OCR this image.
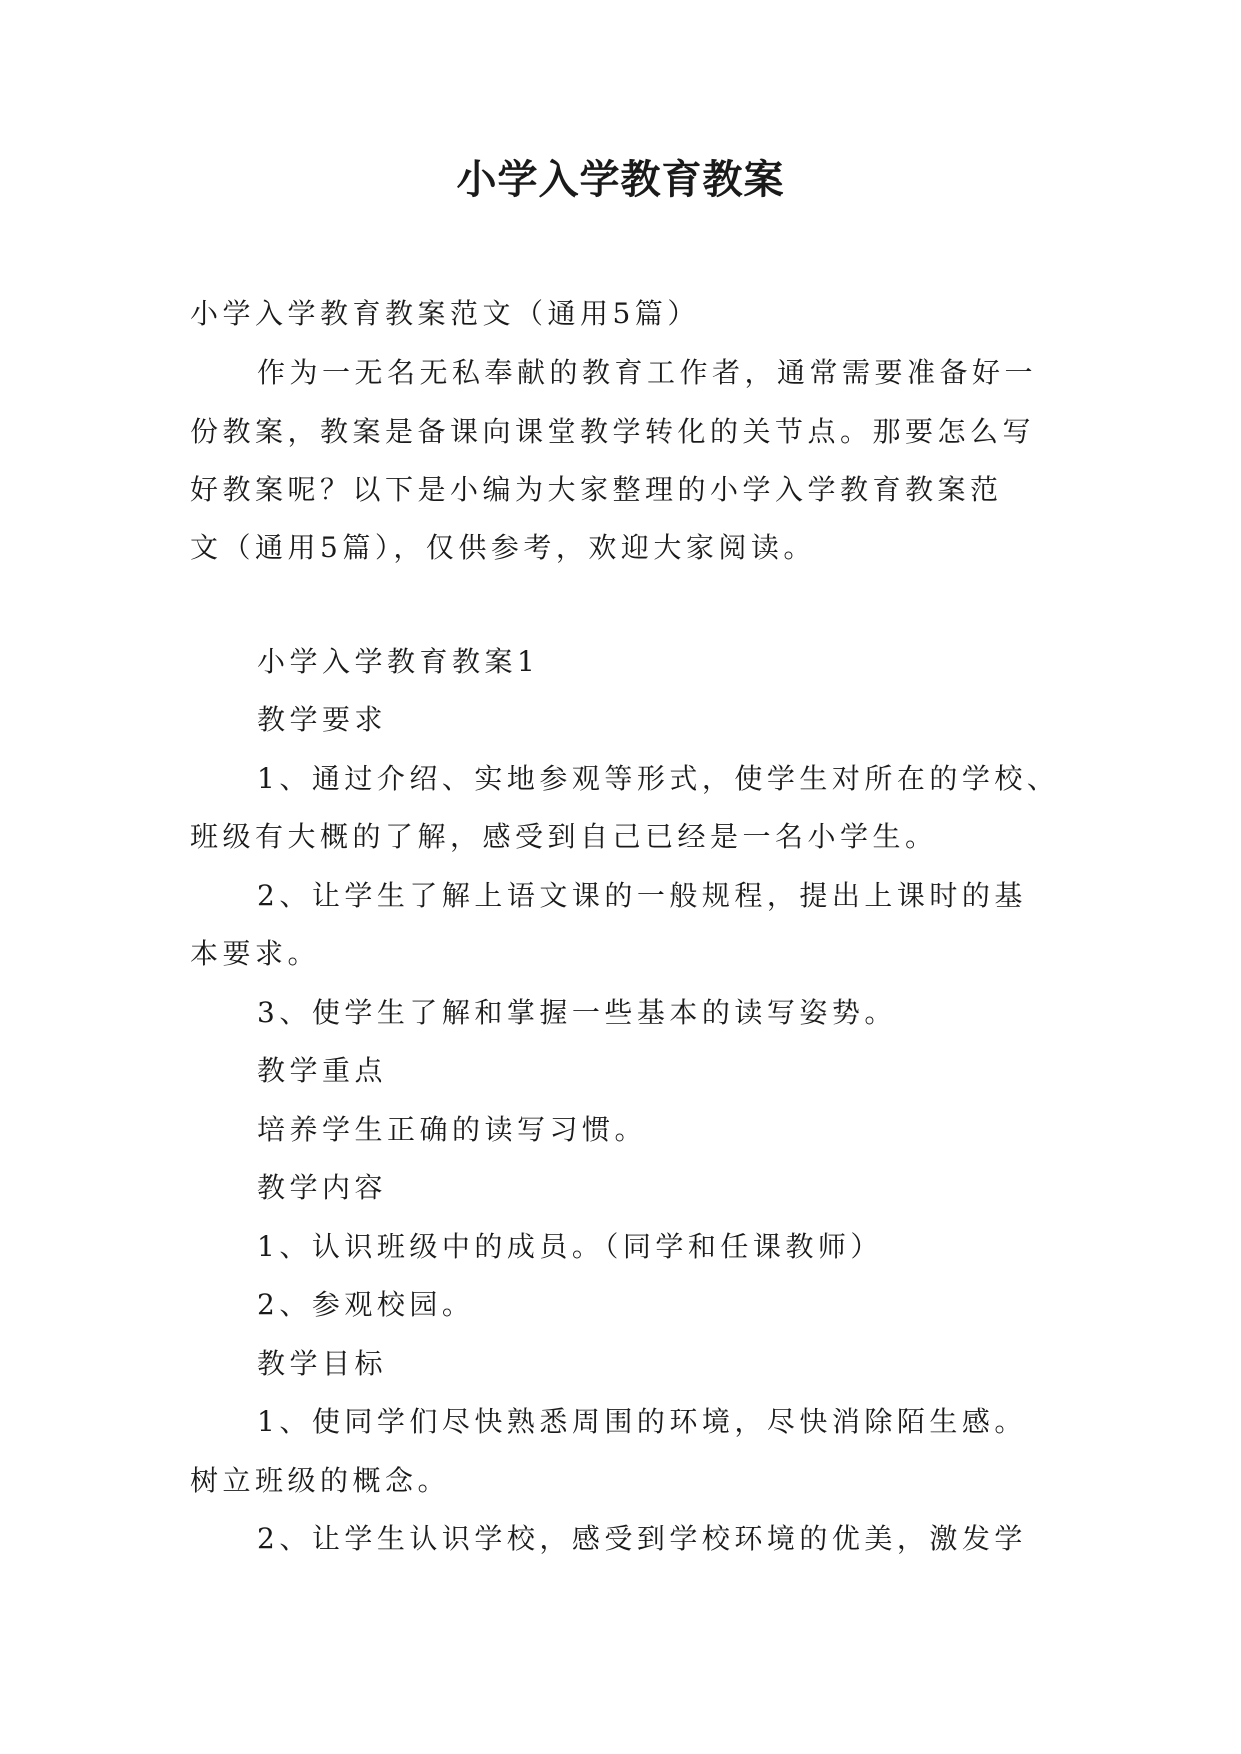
小学入学教育教案
小学入学教育教案范文（通用5篇）
作为一无名无私奉献的教育工作者，通常需要准备好一
份教案，教案是备课向课堂教学转化的关节点。那要怎么写
好教案呢？以下是小编为大家整理的小学入学教育教案范
文（通用5篇），仅供参考，欢迎大家阅读。
小学入学教育教案1
教学要求
1、通过介绍、实地参观等形式，使学生对所在的学校、
班级有大概的了解，感受到自己已经是一名小学生。
2、让学生了解上语文课的一般规程，提出上课时的基
本要求。
3、使学生了解和掌握一些基本的读写姿势。
教学重点
培养学生正确的读写习惯。
教学内容
1、认识班级中的成员。（同学和任课教师）
2、参观校园。
教学目标
1、使同学们尽快熟悉周围的环境，尽快消除陌生感。
树立班级的概念。
2、让学生认识学校，感受到学校环境的优美，激发学
